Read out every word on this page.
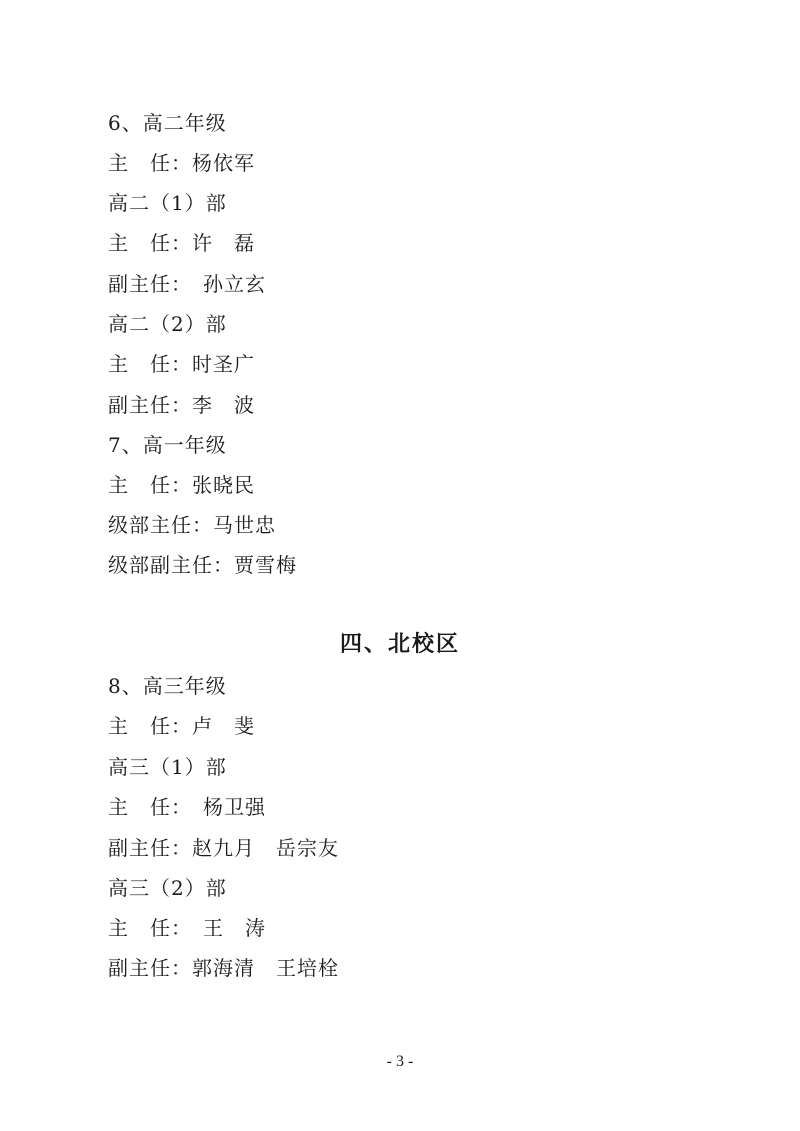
6、高二年级
主　任：杨依军
高二（1）部
主　任：许　磊
副主任：　孙立玄
高二（2）部
主　任：时圣广
副主任：李　波
7、高一年级
主　任：张晓民
级部主任：马世忠
级部副主任：贾雪梅
四、北校区
8、高三年级
主　任：卢　斐
高三（1）部
主　任：　杨卫强
副主任：赵九月　岳宗友
高三（2）部
主　任：　王　涛
副主任：郭海清　王培栓
- 3 -
